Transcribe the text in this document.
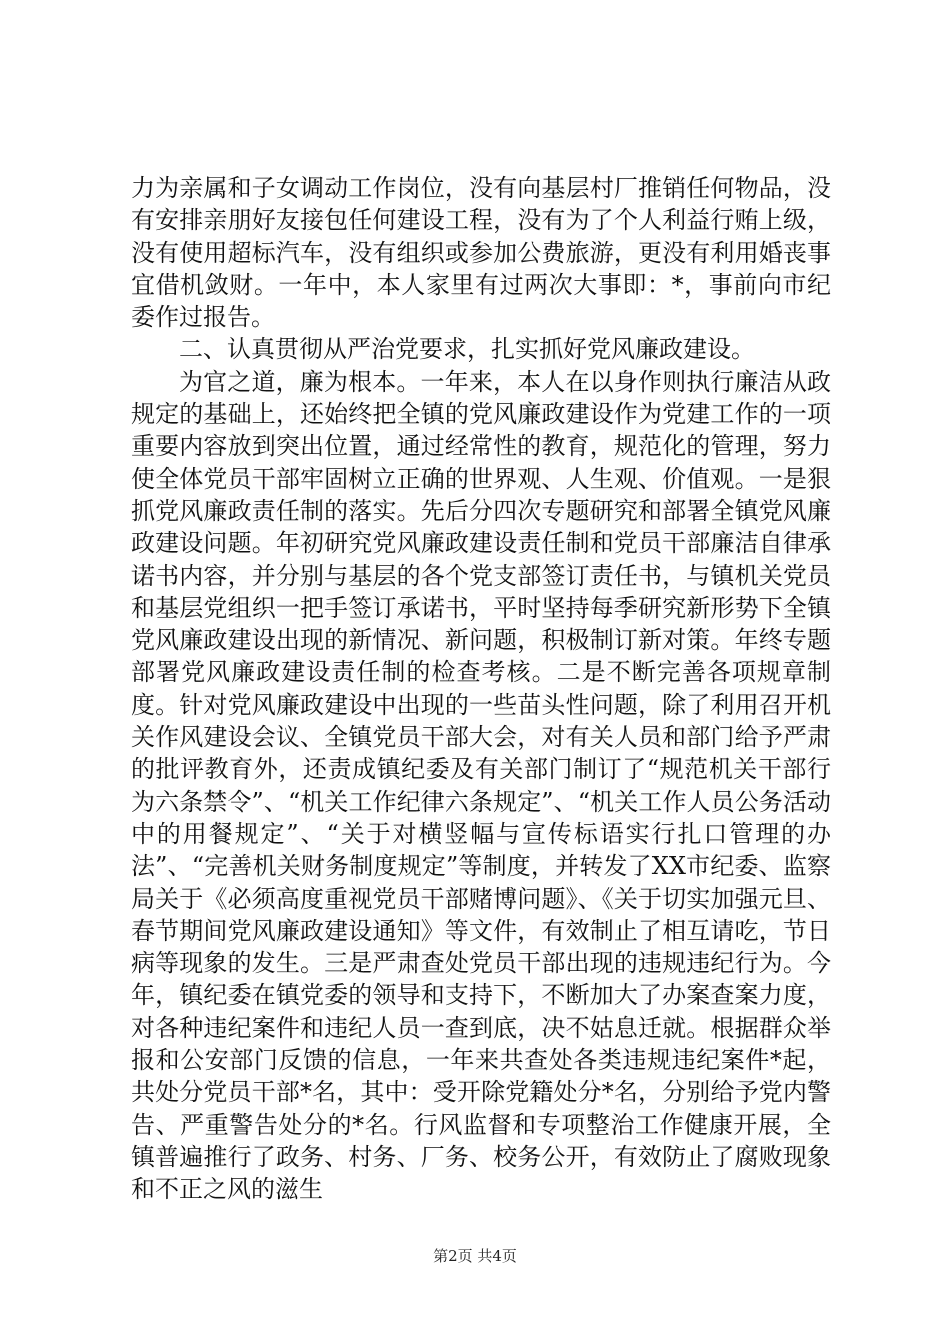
力为亲属和子女调动工作岗位，没有向基层村厂推销任何物品，没有安排亲朋好友接包任何建设工程，没有为了个人利益行贿上级，没有使用超标汽车，没有组织或参加公费旅游，更没有利用婚丧事宜借机敛财。一年中，本人家里有过两次大事即：*，事前向市纪委作过报告。

二、认真贯彻从严治党要求，扎实抓好党风廉政建设。

为官之道，廉为根本。一年来，本人在以身作则执行廉洁从政规定的基础上，还始终把全镇的党风廉政建设作为党建工作的一项重要内容放到突出位置，通过经常性的教育，规范化的管理，努力使全体党员干部牢固树立正确的世界观、人生观、价值观。一是狠抓党风廉政责任制的落实。先后分四次专题研究和部署全镇党风廉政建设问题。年初研究党风廉政建设责任制和党员干部廉洁自律承诺书内容，并分别与基层的各个党支部签订责任书，与镇机关党员和基层党组织一把手签订承诺书，平时坚持每季研究新形势下全镇党风廉政建设出现的新情况、新问题，积极制订新对策。年终专题部署党风廉政建设责任制的检查考核。二是不断完善各项规章制度。针对党风廉政建设中出现的一些苗头性问题，除了利用召开机关作风建设会议、全镇党员干部大会，对有关人员和部门给予严肃的批评教育外，还责成镇纪委及有关部门制订了“规范机关干部行为六条禁令”、“机关工作纪律六条规定”、“机关工作人员公务活动中的用餐规定”、“关于对横竖幅与宣传标语实行扎口管理的办法”、“完善机关财务制度规定”等制度，并转发了XX市纪委、监察局关于《必须高度重视党员干部赌博问题》、《关于切实加强元旦、春节期间党风廉政建设通知》等文件，有效制止了相互请吃，节日病等现象的发生。三是严肃查处党员干部出现的违规违纪行为。今年，镇纪委在镇党委的领导和支持下，不断加大了办案查案力度，对各种违纪案件和违纪人员一查到底，决不姑息迁就。根据群众举报和公安部门反馈的信息，一年来共查处各类违规违纪案件*起，共处分党员干部*名，其中：受开除党籍处分*名，分别给予党内警告、严重警告处分的*名。行风监督和专项整治工作健康开展，全镇普遍推行了政务、村务、厂务、校务公开，有效防止了腐败现象和不正之风的滋生

第2页 共4页
